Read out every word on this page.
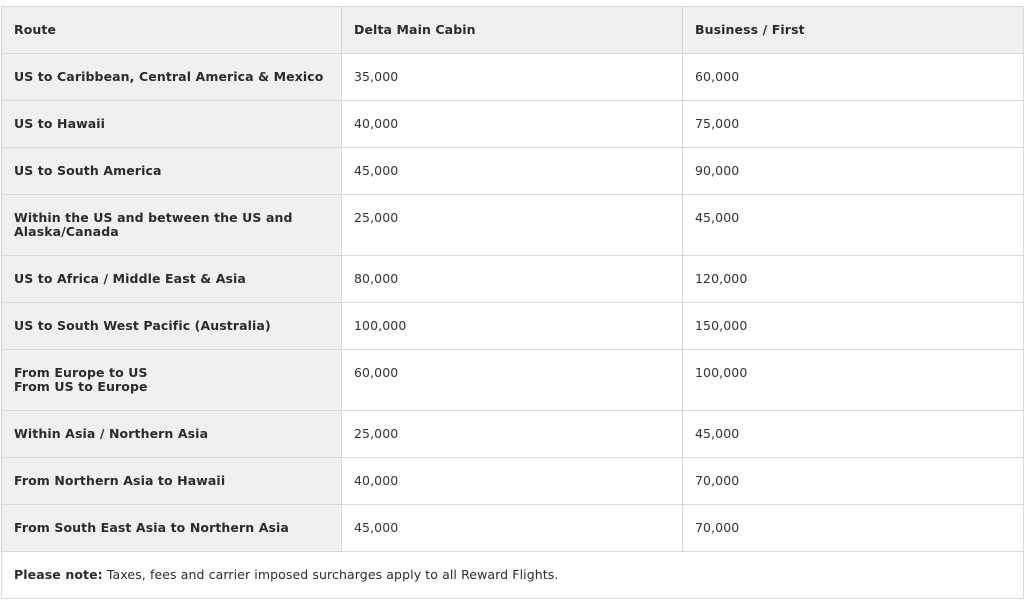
Route	Delta Main Cabin	Business / First

US to Caribbean, Central America & Mexico	35,000	60,000

US to Hawaii	40,000	75,000

US to South America	45,000	90,000

Within the US and between the US and
Alaska/Canada	25,000	45,000

US to Africa / Middle East & Asia	80,000	120,000

US to South West Pacific (Australia)	100,000	150,000

From Europe to US
From US to Europe	60,000	100,000

Within Asia / Northern Asia	25,000	45,000

From Northern Asia to Hawaii	40,000	70,000

From South East Asia to Northern Asia	45,000	70,000
Please note: Taxes, fees and carrier imposed surcharges apply to all Reward Flights.		
